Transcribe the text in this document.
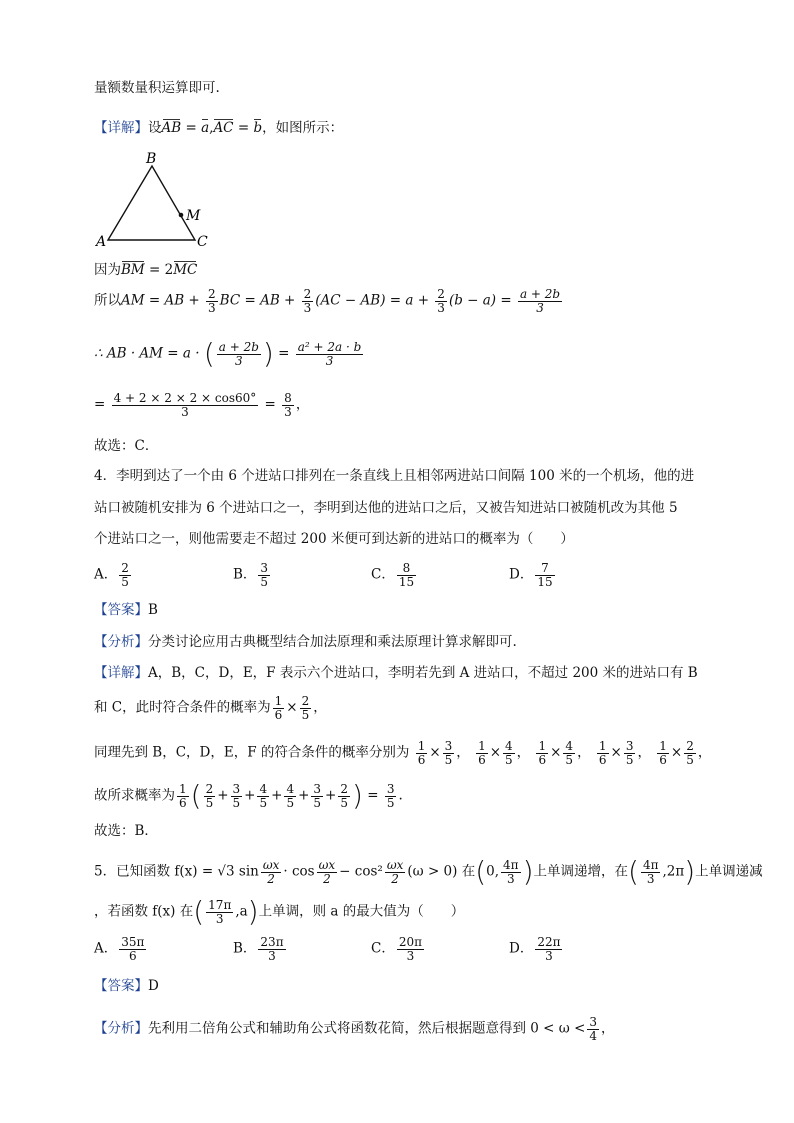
量额数量积运算即可.
【详解】设AB = a,AC = b，如图所示：
B
M
A	C
因为BM = 2MC
所以AM = AB + $\frac{2}{3}$ BC = AB + $\frac{2}{3} (AC - AB) = a + \frac{2}{3} (b - a) = \frac{a + 2b}{3}$
∴ AB · AM = a · ( $\frac{a + 2b}{3}$ ) = $\frac{\text{a² + 2a · b}}{3}$
= $\frac{4 + 2 \times 2 \times 2 \times \cos 60^\circ}{3} = \frac{8}{3}$ ，
故选：C．
4．李明到达了一个由 6 个进站口排列在一条直线上且相邻两进站口间隔 100 米的一个机场，他的进
站口被随机安排为 6 个进站口之一，李明到达他的进站口之后，又被告知进站口被随机改为其他 5
个进站口之一，则他需要走不超过 200 米便可到达新的进站口的概率为（　　）
A． $\frac{2}{5}$	B． $\frac{3}{5}$	C． $\frac{8}{15}$	D． $\frac{7}{15}$
【答案】B
【分析】分类讨论应用古典概型结合加法原理和乘法原理计算求解即可.
【详解】A，B，C，D，E，F 表示六个进站口，李明若先到 A 进站口，不超过 200 米的进站口有 B
和 C，此时符合条件的概率为 $\frac{1}{6} \times \frac{2}{5}$ ，
同理先到 B，C，D，E，F 的符合条件的概率分别为 $\frac{1}{6} \times \frac{3}{5}$ ， $\frac{1}{6} \times \frac{4}{5}$ ， $\frac{1}{6} \times \frac{4}{5}$ ， $\frac{1}{6} \times \frac{3}{5}$ ， $\frac{1}{6} \times \frac{2}{5}$ ，
故所求概率为 $\frac{1}{6}$ ( $\frac{2}{5} + \frac{3}{5} + \frac{4}{5} + \frac{4}{5} + \frac{3}{5} + \frac{2}{5}$ ) = $\frac{3}{5}$ .
故选：B．
5．已知函数 f(x) = √3 $\sin \frac{\omega x}{2} \cdot \cos \frac{\omega x}{2} - \cos^2 \frac{\omega x}{2} (\omega > 0)$ 在(0, $\frac{4\pi}{3}$ )上单调递增，在( $\frac{4\pi}{3} ,2\pi$)上单调递减
，若函数 f(x) 在( $\frac{17\pi}{3} ,a$)上单调，则 a 的最大值为（　　）
A． $\frac{35\pi}{6}$	B． $\frac{23\pi}{3}$	C． $\frac{20\pi}{3}$	D． $\frac{22\pi}{3}$
【答案】D
【分析】先利用二倍角公式和辅助角公式将函数花简，然后根据题意得到 $0 < \omega < \frac{3}{4}$ ，
